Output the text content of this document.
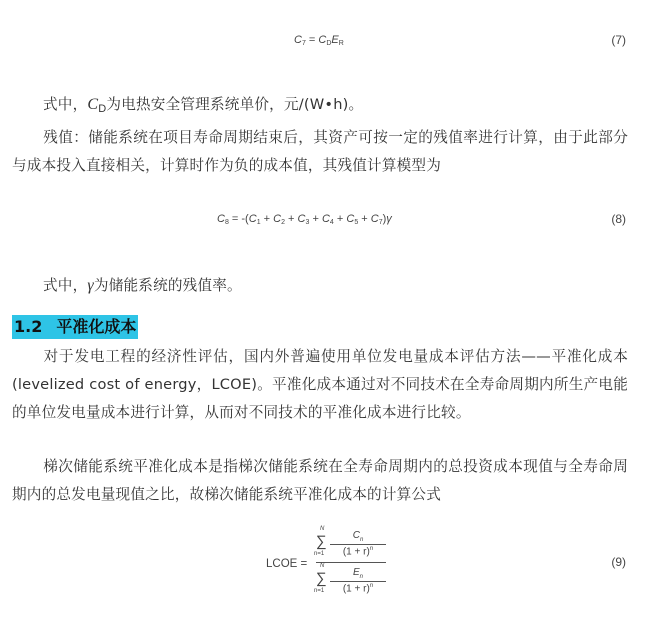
$C_7 = C_DE_R$	(7)
式中，$C_D$为电热安全管理系统单价，元/(W•h)。
残值：储能系统在项目寿命周期结束后，其资产可按一定的残值率进行计算，由于此部分与成本投入直接相关，计算时作为负的成本值，其残值计算模型为
$C_8 = -(C_1 + C_2 + C_3 + C_4 + C_5 + C_7)\gamma$	(8)
式中，γ为储能系统的残值率。
1.2 平准化成本
对于发电工程的经济性评估，国内外普遍使用单位发电量成本评估方法——平准化成本(levelized cost of energy，LCOE)。平准化成本通过对不同技术在全寿命周期内所生产电能的单位发电量成本进行计算，从而对不同技术的平准化成本进行比较。
梯次储能系统平准化成本是指梯次储能系统在全寿命周期内的总投资成本现值与全寿命周期内的总发电量现值之比，故梯次储能系统平准化成本的计算公式
LCOE =
∑
N
n=1
$C_n$
$(1 + r)^n$
∑
N
n=1
$E_n$
$(1 + r)^n$
(9)
